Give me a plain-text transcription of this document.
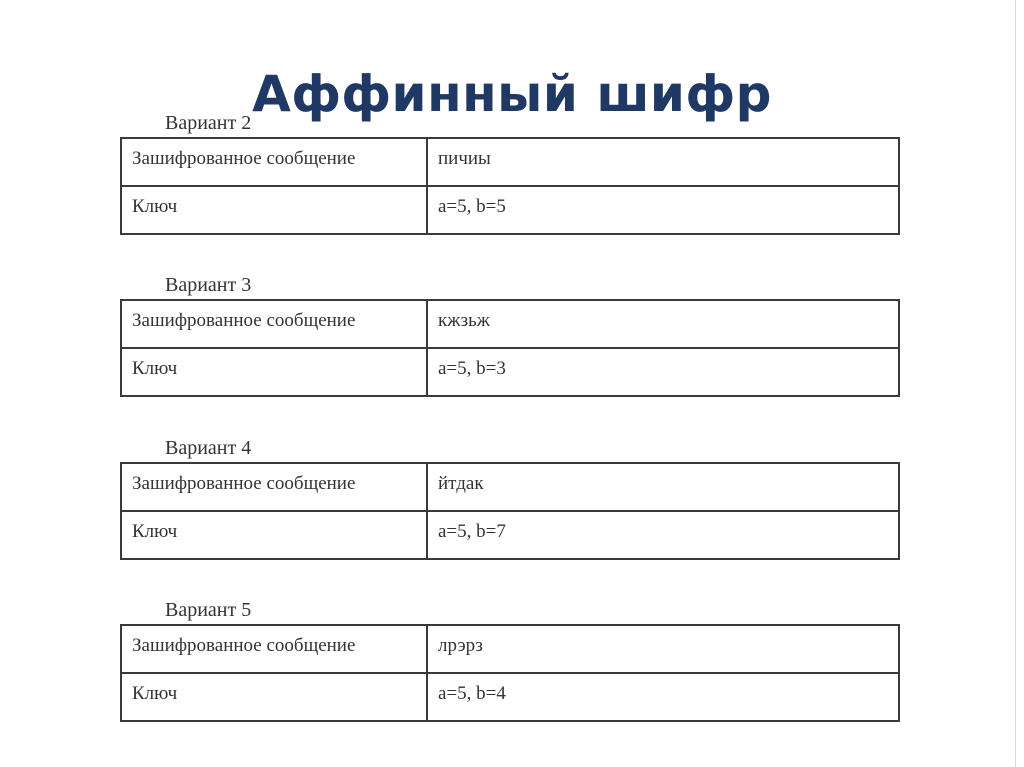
Аффинный шифр
Вариант 2
Зашифрованное сообщение	пичиы

Ключ	a=5, b=5
Вариант 3
Зашифрованное сообщение	кжзьж

Ключ	a=5, b=3
Вариант 4
Зашифрованное сообщение	йтдак

Ключ	a=5, b=7
Вариант 5
Зашифрованное сообщение	лрэрз

Ключ	a=5, b=4
